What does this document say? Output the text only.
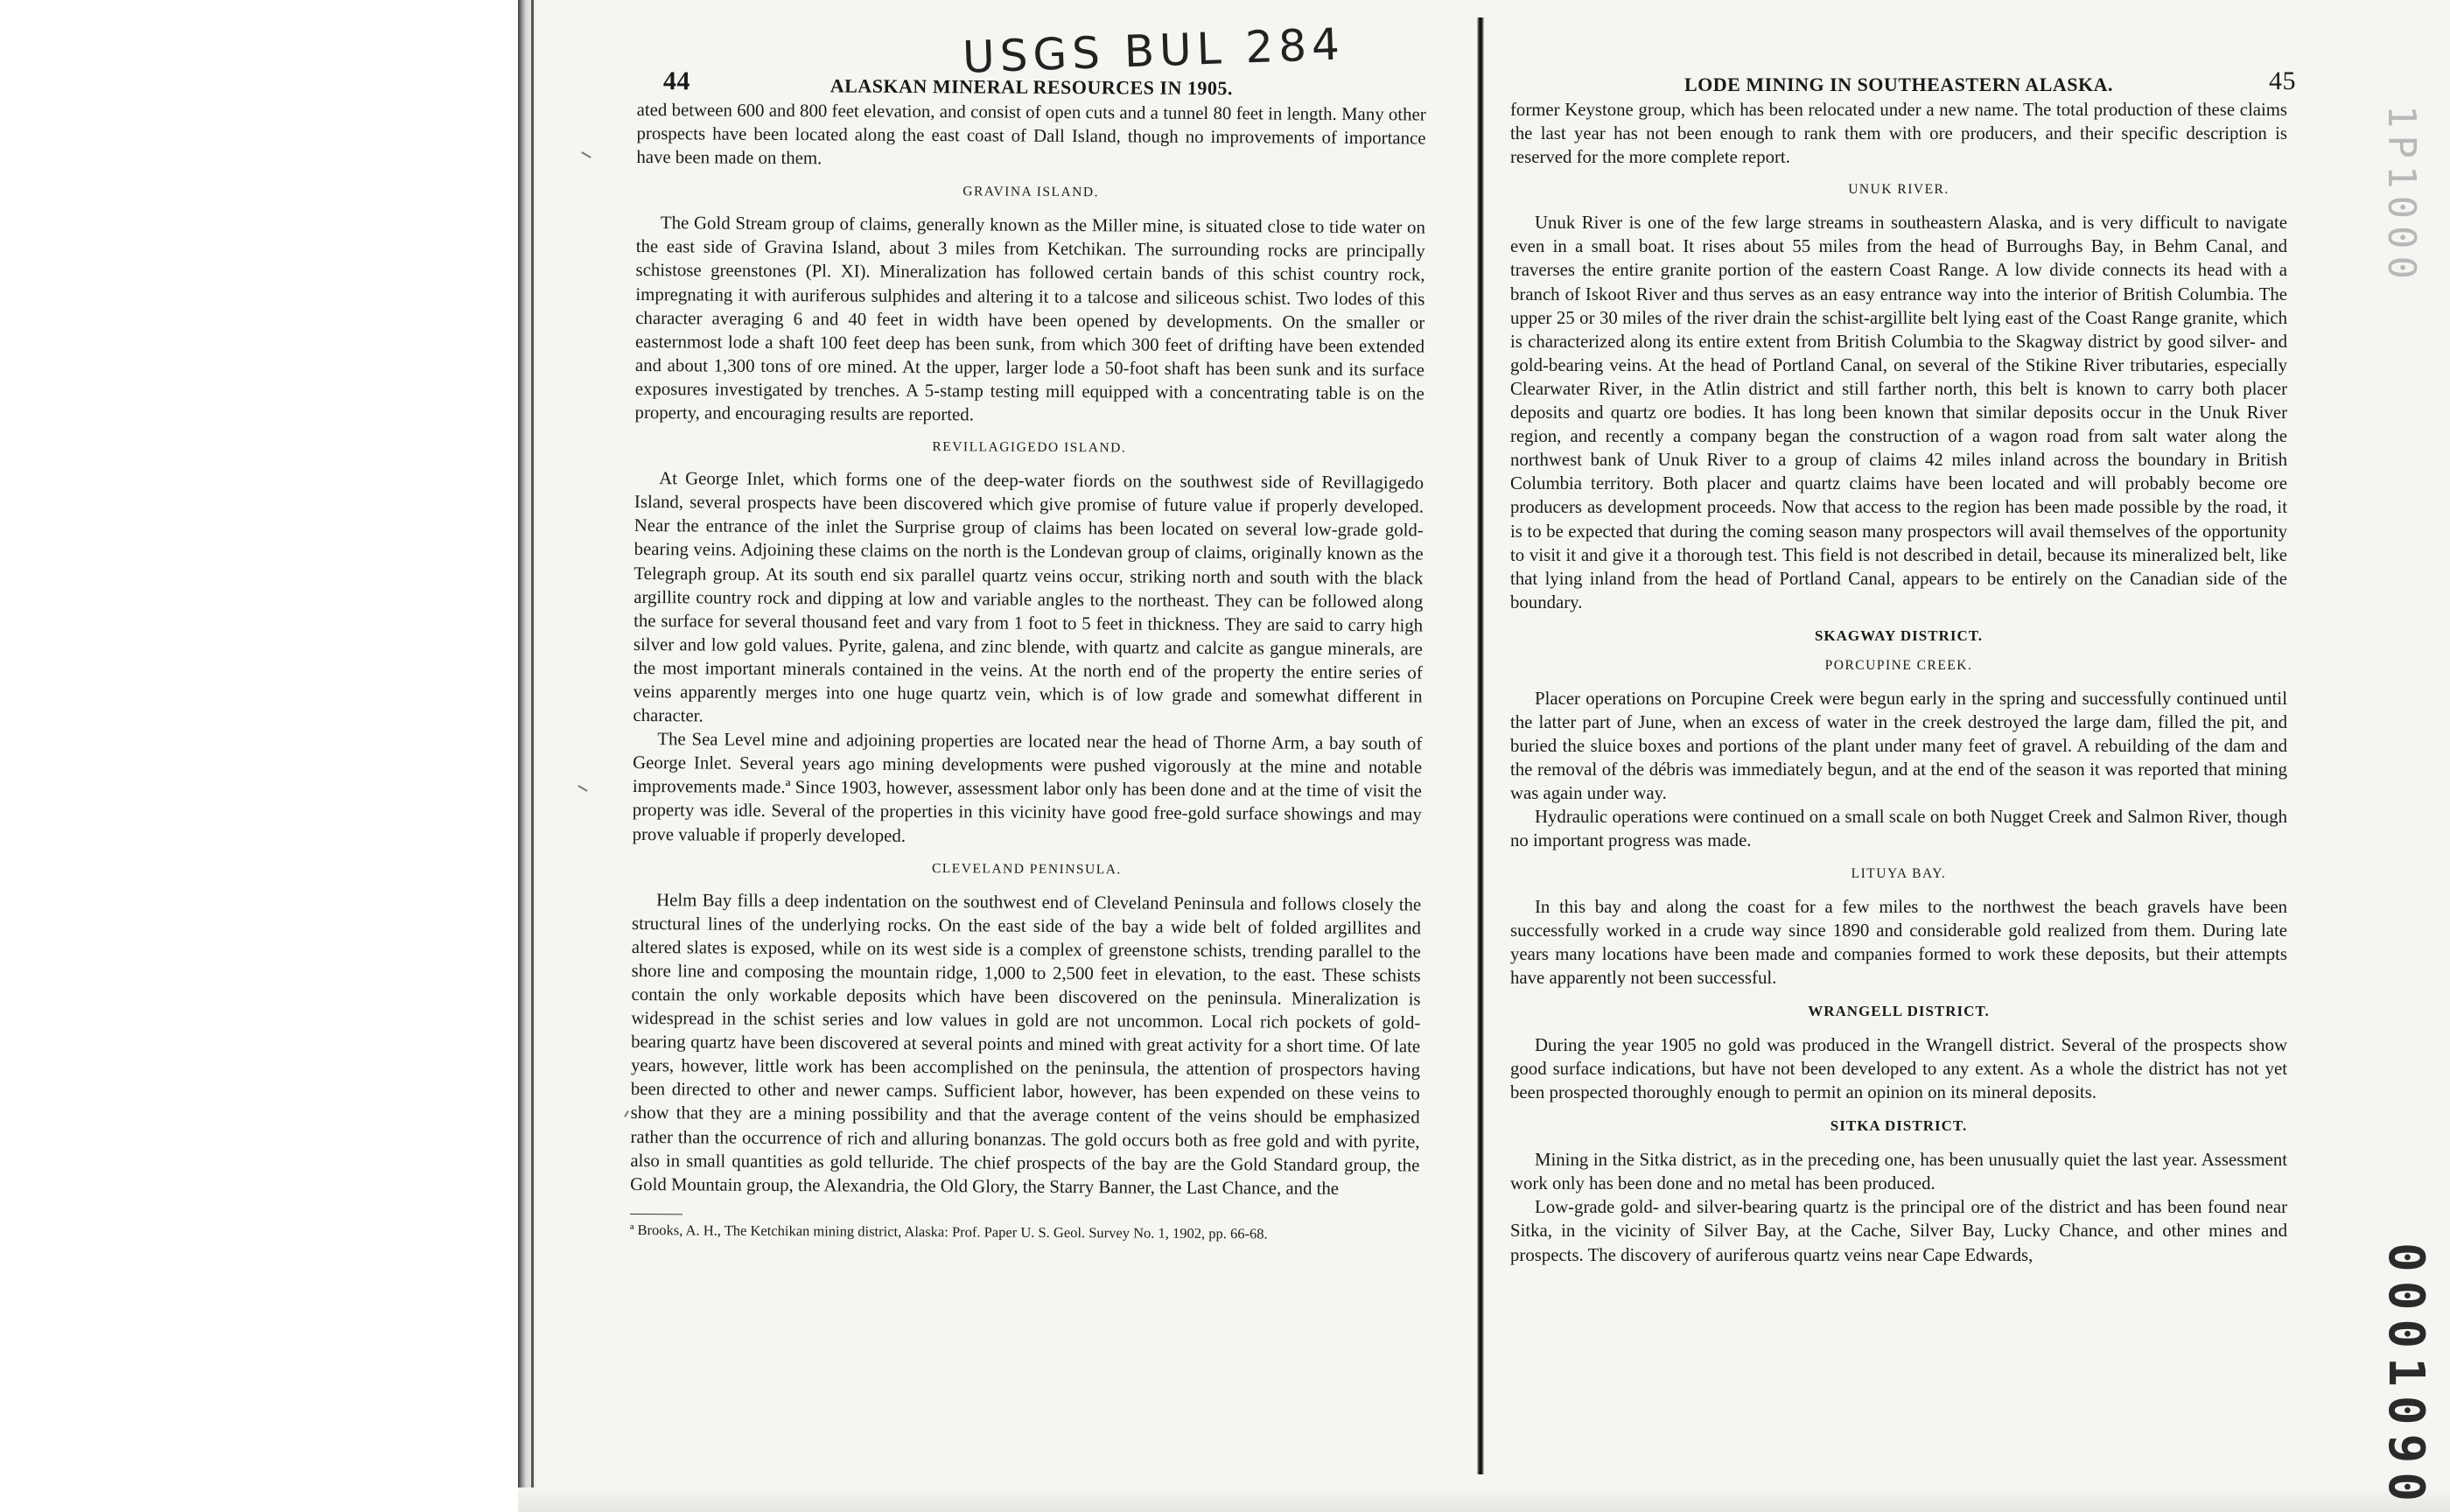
USGS BUL 284
44	ALASKAN MINERAL RESOURCES IN 1905.

ated between 600 and 800 feet elevation, and consist of open cuts and a tunnel 80 feet in length. Many other prospects have been located along the east coast of Dall Island, though no improvements of importance have been made on them.

GRAVINA ISLAND.

The Gold Stream group of claims, generally known as the Miller mine, is situated close to tide water on the east side of Gravina Island, about 3 miles from Ketchikan. The surrounding rocks are principally schistose greenstones (Pl. XI). Mineralization has followed certain bands of this schist country rock, impregnating it with auriferous sulphides and altering it to a talcose and siliceous schist. Two lodes of this character averaging 6 and 40 feet in width have been opened by developments. On the smaller or easternmost lode a shaft 100 feet deep has been sunk, from which 300 feet of drifting have been extended and about 1,300 tons of ore mined. At the upper, larger lode a 50-foot shaft has been sunk and its surface exposures investigated by trenches. A 5-stamp testing mill equipped with a concentrating table is on the property, and encouraging results are reported.

REVILLAGIGEDO ISLAND.

At George Inlet, which forms one of the deep-water fiords on the southwest side of Revillagigedo Island, several prospects have been discovered which give promise of future value if properly developed. Near the entrance of the inlet the Surprise group of claims has been located on several low-grade gold-bearing veins. Adjoining these claims on the north is the Londevan group of claims, originally known as the Telegraph group. At its south end six parallel quartz veins occur, striking north and south with the black argillite country rock and dipping at low and variable angles to the northeast. They can be followed along the surface for several thousand feet and vary from 1 foot to 5 feet in thickness. They are said to carry high silver and low gold values. Pyrite, galena, and zinc blende, with quartz and calcite as gangue minerals, are the most important minerals contained in the veins. At the north end of the property the entire series of veins apparently merges into one huge quartz vein, which is of low grade and somewhat different in character.

The Sea Level mine and adjoining properties are located near the head of Thorne Arm, a bay south of George Inlet. Several years ago mining developments were pushed vigorously at the mine and notable improvements made.ª Since 1903, however, assessment labor only has been done and at the time of visit the property was idle. Several of the properties in this vicinity have good free-gold surface showings and may prove valuable if properly developed.

CLEVELAND PENINSULA.

Helm Bay fills a deep indentation on the southwest end of Cleveland Peninsula and follows closely the structural lines of the underlying rocks. On the east side of the bay a wide belt of folded argillites and altered slates is exposed, while on its west side is a complex of greenstone schists, trending parallel to the shore line and composing the mountain ridge, 1,000 to 2,500 feet in elevation, to the east. These schists contain the only workable deposits which have been discovered on the peninsula. Mineralization is widespread in the schist series and low values in gold are not uncommon. Local rich pockets of gold-bearing quartz have been discovered at several points and mined with great activity for a short time. Of late years, however, little work has been accomplished on the peninsula, the attention of prospectors having been directed to other and newer camps. Sufficient labor, however, has been expended on these veins to show that they are a mining possibility and that the average content of the veins should be emphasized rather than the occurrence of rich and alluring bonanzas. The gold occurs both as free gold and with pyrite, also in small quantities as gold telluride. The chief prospects of the bay are the Gold Standard group, the Gold Mountain group, the Alexandria, the Old Glory, the Starry Banner, the Last Chance, and the

ª Brooks, A. H., The Ketchikan mining district, Alaska: Prof. Paper U. S. Geol. Survey No. 1, 1902, pp. 66-68.
LODE MINING IN SOUTHEASTERN ALASKA.	45

former Keystone group, which has been relocated under a new name. The total production of these claims the last year has not been enough to rank them with ore producers, and their specific description is reserved for the more complete report.

UNUK RIVER.

Unuk River is one of the few large streams in southeastern Alaska, and is very difficult to navigate even in a small boat. It rises about 55 miles from the head of Burroughs Bay, in Behm Canal, and traverses the entire granite portion of the eastern Coast Range. A low divide connects its head with a branch of Iskoot River and thus serves as an easy entrance way into the interior of British Columbia. The upper 25 or 30 miles of the river drain the schist-argillite belt lying east of the Coast Range granite, which is characterized along its entire extent from British Columbia to the Skagway district by good silver- and gold-bearing veins. At the head of Portland Canal, on several of the Stikine River tributaries, especially Clearwater River, in the Atlin district and still farther north, this belt is known to carry both placer deposits and quartz ore bodies. It has long been known that similar deposits occur in the Unuk River region, and recently a company began the construction of a wagon road from salt water along the northwest bank of Unuk River to a group of claims 42 miles inland across the boundary in British Columbia territory. Both placer and quartz claims have been located and will probably become ore producers as development proceeds. Now that access to the region has been made possible by the road, it is to be expected that during the coming season many prospectors will avail themselves of the opportunity to visit it and give it a thorough test. This field is not described in detail, because its mineralized belt, like that lying inland from the head of Portland Canal, appears to be entirely on the Canadian side of the boundary.

SKAGWAY DISTRICT.
PORCUPINE CREEK.

Placer operations on Porcupine Creek were begun early in the spring and successfully continued until the latter part of June, when an excess of water in the creek destroyed the large dam, filled the pit, and buried the sluice boxes and portions of the plant under many feet of gravel. A rebuilding of the dam and the removal of the débris was immediately begun, and at the end of the season it was reported that mining was again under way.

Hydraulic operations were continued on a small scale on both Nugget Creek and Salmon River, though no important progress was made.

LITUYA BAY.

In this bay and along the coast for a few miles to the northwest the beach gravels have been successfully worked in a crude way since 1890 and considerable gold realized from them. During late years many locations have been made and companies formed to work these deposits, but their attempts have apparently not been successful.

WRANGELL DISTRICT.

During the year 1905 no gold was produced in the Wrangell district. Several of the prospects show good surface indications, but have not been developed to any extent. As a whole the district has not yet been prospected thoroughly enough to permit an opinion on its mineral deposits.

SITKA DISTRICT.

Mining in the Sitka district, as in the preceding one, has been unusually quiet the last year. Assessment work only has been done and no metal has been produced.

Low-grade gold- and silver-bearing quartz is the principal ore of the district and has been found near Sitka, in the vicinity of Silver Bay, at the Cache, Silver Bay, Lucky Chance, and other mines and prospects. The discovery of auriferous quartz veins near Cape Edwards,

1P1000
0001090
